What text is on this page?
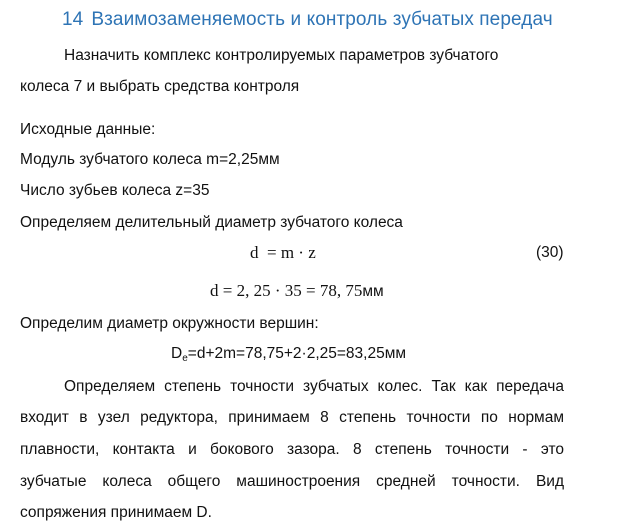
14 Взаимозаменяемость и контроль зубчатых передач
Назначить комплекс контролируемых параметров зубчатого
колеса 7 и выбрать средства контроля
Исходные данные:
Модуль зубчатого колеса m=2,25мм
Число зубьев колеса z=35
Определяем делительный диаметр зубчатого колеса
d  = m · z	(30)
d = 2, 25 · 35 = 78, 75мм
Определим диаметр окружности вершин:
$D_e=d+2m=78,75+2\cdot 2,25=83,25мм$
Определяем степень точности зубчатых колес. Так как передача
входит в узел редуктора, принимаем 8 степень точности по нормам
плавности, контакта и бокового зазора. 8 степень точности - это
зубчатые колеса общего машиностроения средней точности. Вид
сопряжения принимаем D.
